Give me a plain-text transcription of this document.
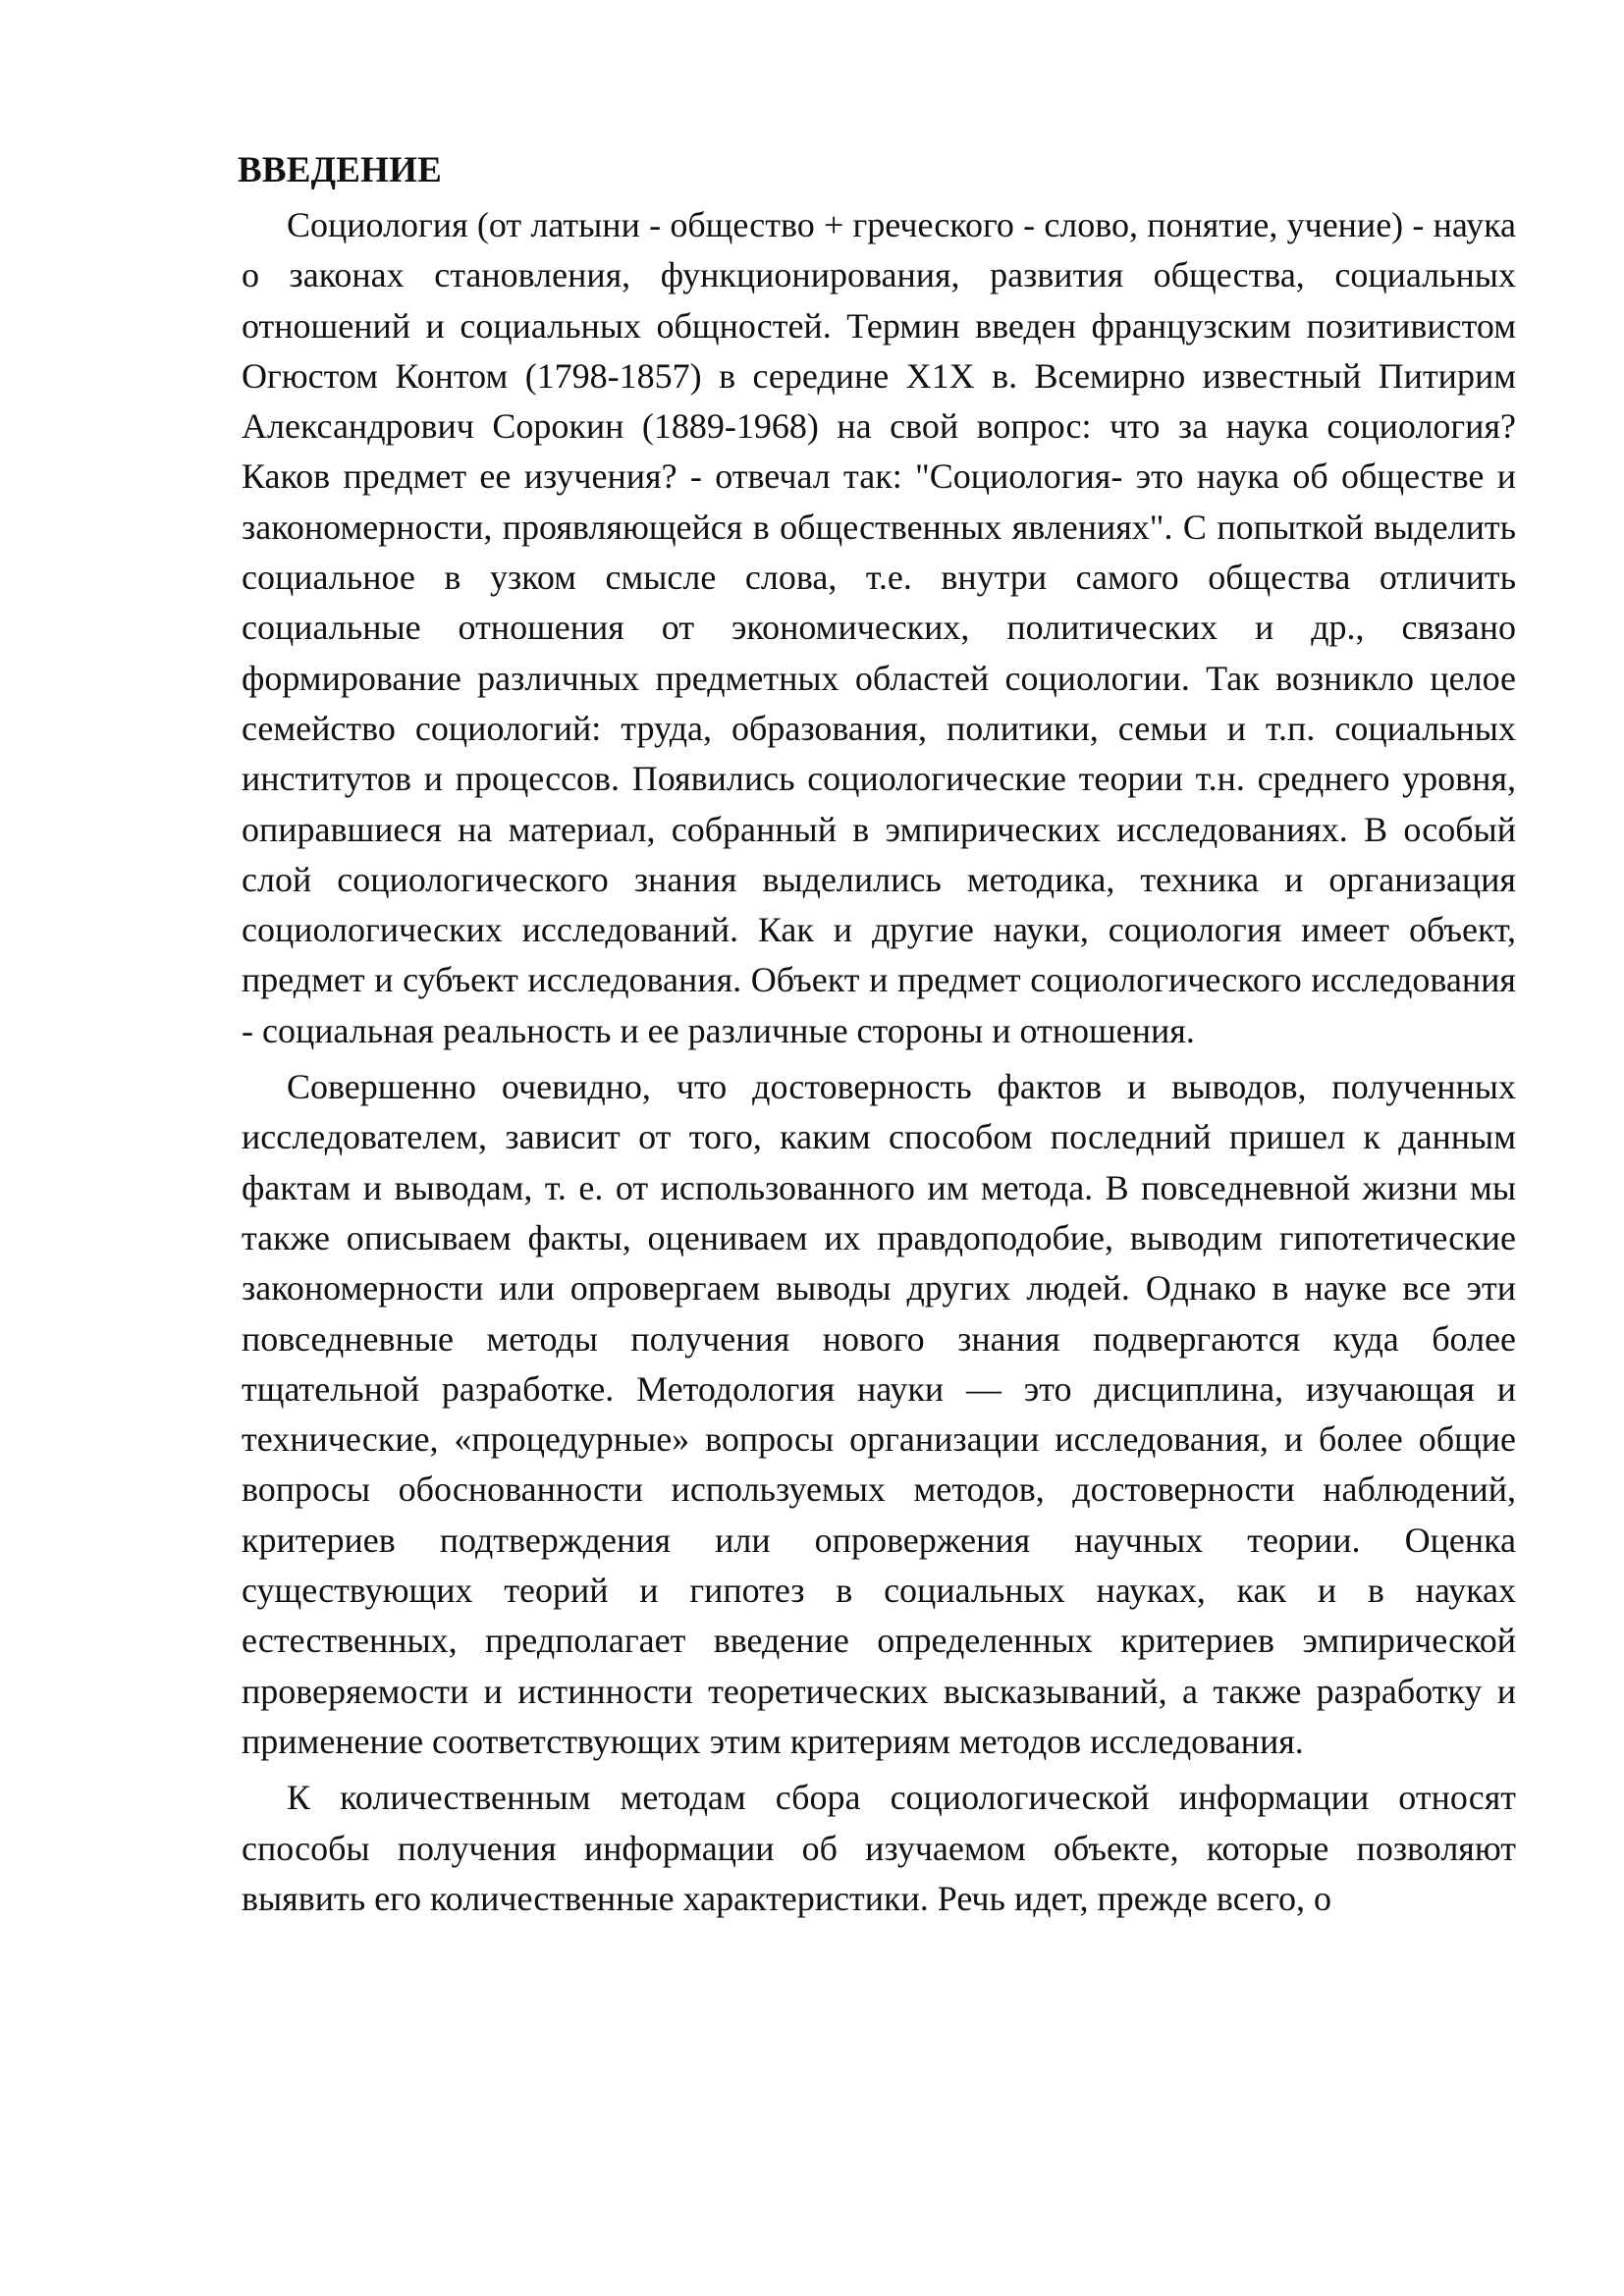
ВВЕДЕНИЕ

Социология (от латыни - общество + греческого - слово, понятие, учение) - наука о законах становления, функционирования, развития общества, социальных отношений и социальных общностей. Термин введен французским позитивистом Огюстом Контом (1798-1857) в середине Х1Х в. Всемирно известный Питирим Александрович Сорокин (1889-1968) на свой вопрос: что за наука социология? Каков предмет ее изучения? - отвечал так: "Социология- это наука об обществе и закономерности, проявляющейся в общественных явлениях". С попыткой выделить социальное в узком смысле слова, т.е. внутри самого общества отличить социальные отношения от экономических, политических и др., связано формирование различных предметных областей социологии. Так возникло целое семейство социологий: труда, образования, политики, семьи и т.п. социальных институтов и процессов. Появились социологические теории т.н. среднего уровня, опиравшиеся на материал, собранный в эмпирических исследованиях. В особый слой социологического знания выделились методика, техника и организация социологических исследований. Как и другие науки, социология имеет объект, предмет и субъект исследования. Объект и предмет социологического исследования - социальная реальность и ее различные стороны и отношения.

Совершенно очевидно, что достоверность фактов и выводов, полученных исследователем, зависит от того, каким способом последний пришел к данным фактам и выводам, т. е. от использованного им метода. В повседневной жизни мы также описываем факты, оцениваем их правдоподобие, выводим гипотетические закономерности или опровергаем выводы других людей. Однако в науке все эти повседневные методы получения нового знания подвергаются куда более тщательной разработке. Методология науки — это дисциплина, изучающая и технические, «процедурные» вопросы организации исследования, и более общие вопросы обоснованности используемых методов, достоверности наблюдений, критериев подтверждения или опровержения научных теории. Оценка существующих теорий и гипотез в социальных науках, как и в науках естественных, предполагает введение определенных критериев эмпирической проверяемости и истинности теоретических высказываний, а также разработку и применение соответствующих этим критериям методов исследования.

К количественным методам сбора социологической информации относят способы получения информации об изучаемом объекте, которые позволяют выявить его количественные характеристики. Речь идет, прежде всего, о
